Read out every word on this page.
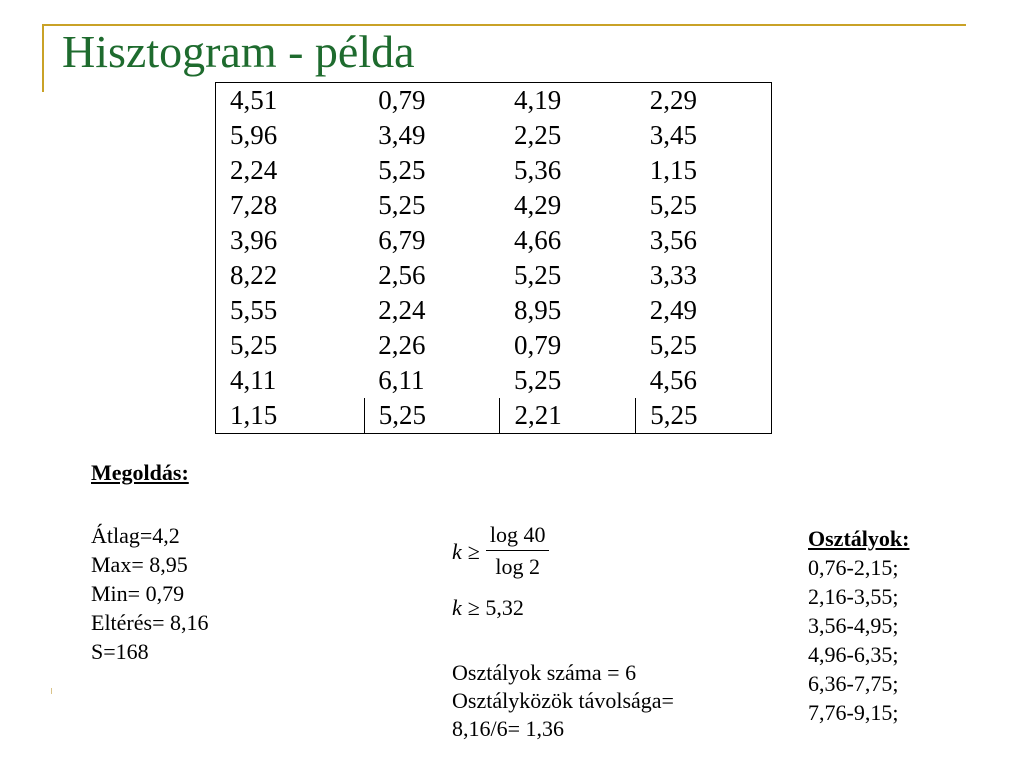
Hisztogram - példa
4,51	0,79	4,19	2,29
5,96	3,49	2,25	3,45
2,24	5,25	5,36	1,15
7,28	5,25	4,29	5,25
3,96	6,79	4,66	3,56
8,22	2,56	5,25	3,33
5,55	2,24	8,95	2,49
5,25	2,26	0,79	5,25
4,11	6,11	5,25	4,56
1,15	5,25	2,21	5,25
Megoldás:
Átlag=4,2
Max= 8,95
Min= 0,79
Eltérés= 8,16
S=168
$k \ge \frac{\log 40}{\log 2}$
k ≥ 5,32
Osztályok száma = 6
Osztályközök távolsága=
8,16/6= 1,36
Osztályok:
0,76-2,15;
2,16-3,55;
3,56-4,95;
4,96-6,35;
6,36-7,75;
7,76-9,15;
